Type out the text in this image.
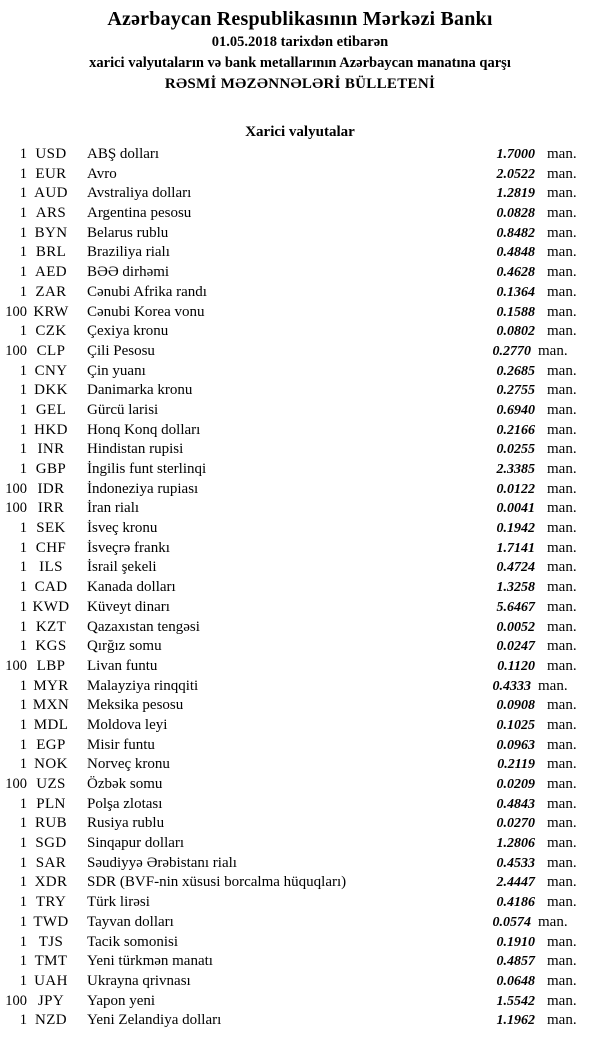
Azərbaycan Respublikasının Mərkəzi Bankı
01.05.2018 tarixdən etibarən
xarici valyutaların və bank metallarının Azərbaycan manatına qarşı
RƏSMİ MƏZƏNNƏLƏRİ BÜLLETENİ
Xarici valyutalar
1 USD	ABŞ dolları	1.7000 man.
1 EUR	Avro	2.0522 man.
1 AUD	Avstraliya dolları	1.2819 man.
1 ARS	Argentina pesosu	0.0828 man.
1 BYN	Belarus rublu	0.8482 man.
1 BRL	Braziliya rialı	0.4848 man.
1 AED	BƏƏ dirhəmi	0.4628 man.
1 ZAR	Cənubi Afrika randı	0.1364 man.
100 KRW	Cənubi Korea vonu	0.1588 man.
1 CZK	Çexiya kronu	0.0802 man.
100 CLP	Çili Pesosu	0.2770 man.
1 CNY	Çin yuanı	0.2685 man.
1 DKK	Danimarka kronu	0.2755 man.
1 GEL	Gürcü larisi	0.6940 man.
1 HKD	Honq Konq dolları	0.2166 man.
1 INR	Hindistan rupisi	0.0255 man.
1 GBP	İngilis funt sterlinqi	2.3385 man.
100 IDR	İndoneziya rupiası	0.0122 man.
100 IRR	İran rialı	0.0041 man.
1 SEK	İsveç kronu	0.1942 man.
1 CHF	İsveçrə frankı	1.7141 man.
1 ILS	İsrail şekeli	0.4724 man.
1 CAD	Kanada dolları	1.3258 man.
1 KWD	Küveyt dinarı	5.6467 man.
1 KZT	Qazaxıstan tengəsi	0.0052 man.
1 KGS	Qırğız somu	0.0247 man.
100 LBP	Livan funtu	0.1120 man.
1 MYR	Malayziya rinqqiti	0.4333 man.
1 MXN	Meksika pesosu	0.0908 man.
1 MDL	Moldova leyi	0.1025 man.
1 EGP	Misir funtu	0.0963 man.
1 NOK	Norveç kronu	0.2119 man.
100 UZS	Özbək somu	0.0209 man.
1 PLN	Polşa zlotası	0.4843 man.
1 RUB	Rusiya rublu	0.0270 man.
1 SGD	Sinqapur dolları	1.2806 man.
1 SAR	Səudiyyə Ərəbistanı rialı	0.4533 man.
1 XDR	SDR (BVF-nin xüsusi borcalma hüquqları)	2.4447 man.
1 TRY	Türk lirəsi	0.4186 man.
1 TWD	Tayvan dolları	0.0574 man.
1 TJS	Tacik somonisi	0.1910 man.
1 TMT	Yeni türkmən manatı	0.4857 man.
1 UAH	Ukrayna qrivnası	0.0648 man.
100 JPY	Yapon yeni	1.5542 man.
1 NZD	Yeni Zelandiya dolları	1.1962 man.
